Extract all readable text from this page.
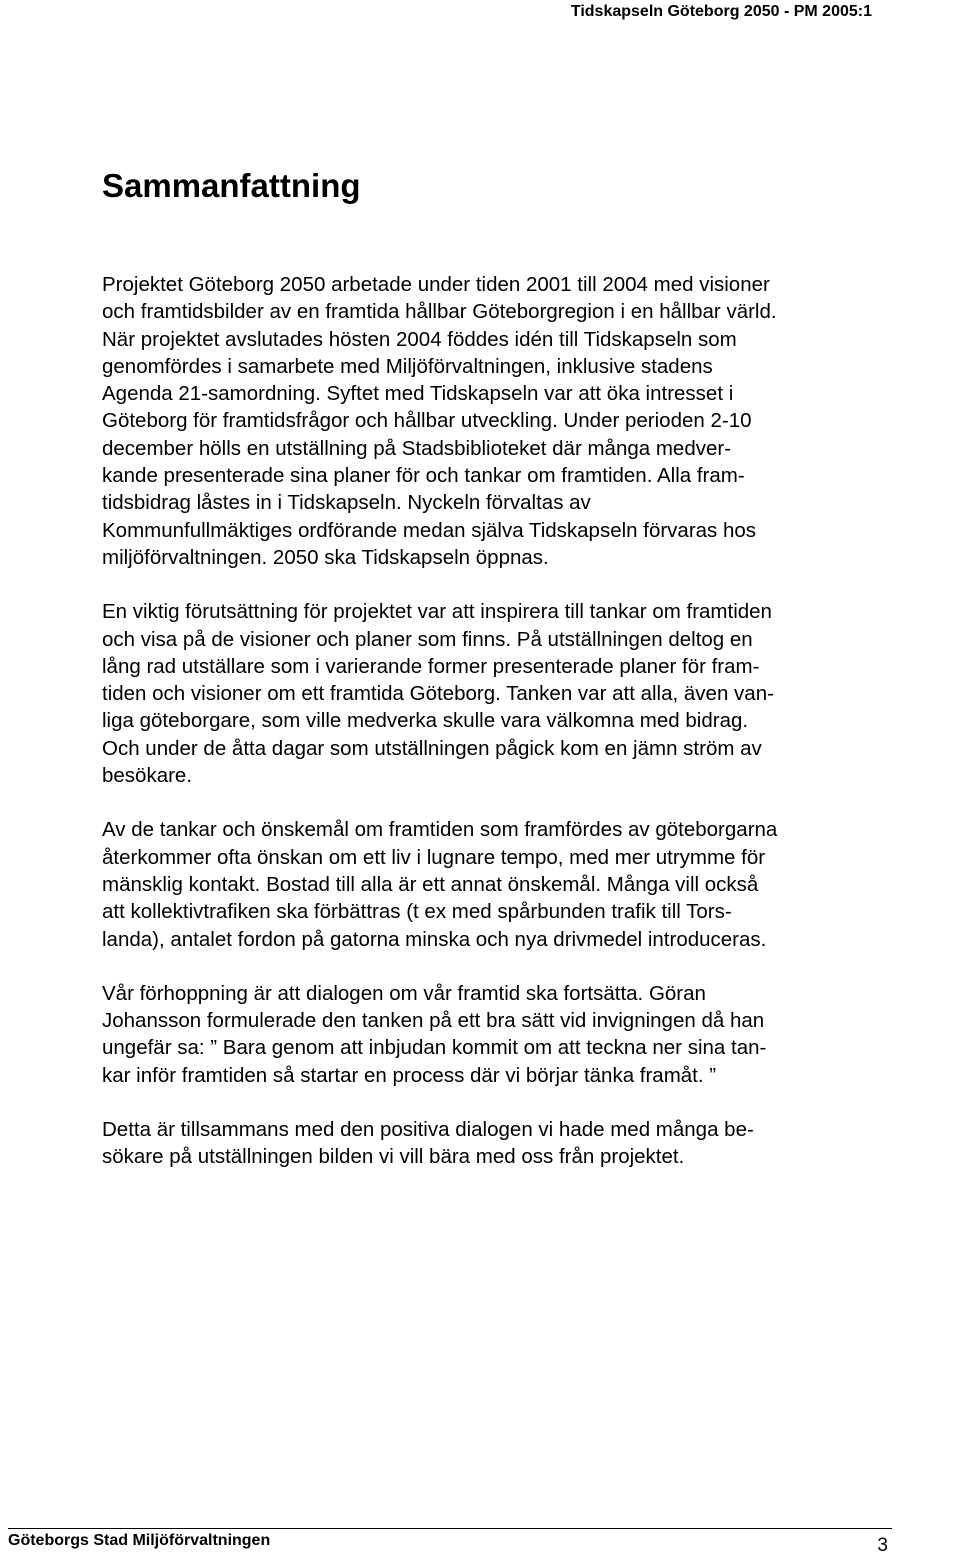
Tidskapseln Göteborg 2050 - PM 2005:1
Sammanfattning

Projektet Göteborg 2050 arbetade under tiden 2001 till 2004 med visioner
och framtidsbilder av en framtida hållbar Göteborgregion i en hållbar värld.
När projektet avslutades hösten 2004 föddes idén till Tidskapseln som
genomfördes i samarbete med Miljöförvaltningen, inklusive stadens
Agenda 21-samordning. Syftet med Tidskapseln var att öka intresset i
Göteborg för framtidsfrågor och hållbar utveckling. Under perioden 2-10
december hölls en utställning på Stadsbiblioteket där många medver-
kande presenterade sina planer för och tankar om framtiden. Alla fram-
tidsbidrag låstes in i Tidskapseln. Nyckeln förvaltas av
Kommunfullmäktiges ordförande medan själva Tidskapseln förvaras hos
miljöförvaltningen. 2050 ska Tidskapseln öppnas.

En viktig förutsättning för projektet var att inspirera till tankar om framtiden
och visa på de visioner och planer som finns. På utställningen deltog en
lång rad utställare som i varierande former presenterade planer för fram-
tiden och visioner om ett framtida Göteborg. Tanken var att alla, även van-
liga göteborgare, som ville medverka skulle vara välkomna med bidrag.
Och under de åtta dagar som utställningen pågick kom en jämn ström av
besökare.

Av de tankar och önskemål om framtiden som framfördes av göteborgarna
återkommer ofta önskan om ett liv i lugnare tempo, med mer utrymme för
mänsklig kontakt. Bostad till alla är ett annat önskemål. Många vill också
att kollektivtrafiken ska förbättras (t ex med spårbunden trafik till Tors-
landa), antalet fordon på gatorna minska och nya drivmedel introduceras.

Vår förhoppning är att dialogen om vår framtid ska fortsätta. Göran
Johansson formulerade den tanken på ett bra sätt vid invigningen då han
ungefär sa: ” Bara genom att inbjudan kommit om att teckna ner sina tan-
kar inför framtiden så startar en process där vi börjar tänka framåt. ”

Detta är tillsammans med den positiva dialogen vi hade med många be-
sökare på utställningen bilden vi vill bära med oss från projektet.

Göteborgs Stad Miljöförvaltningen	3
